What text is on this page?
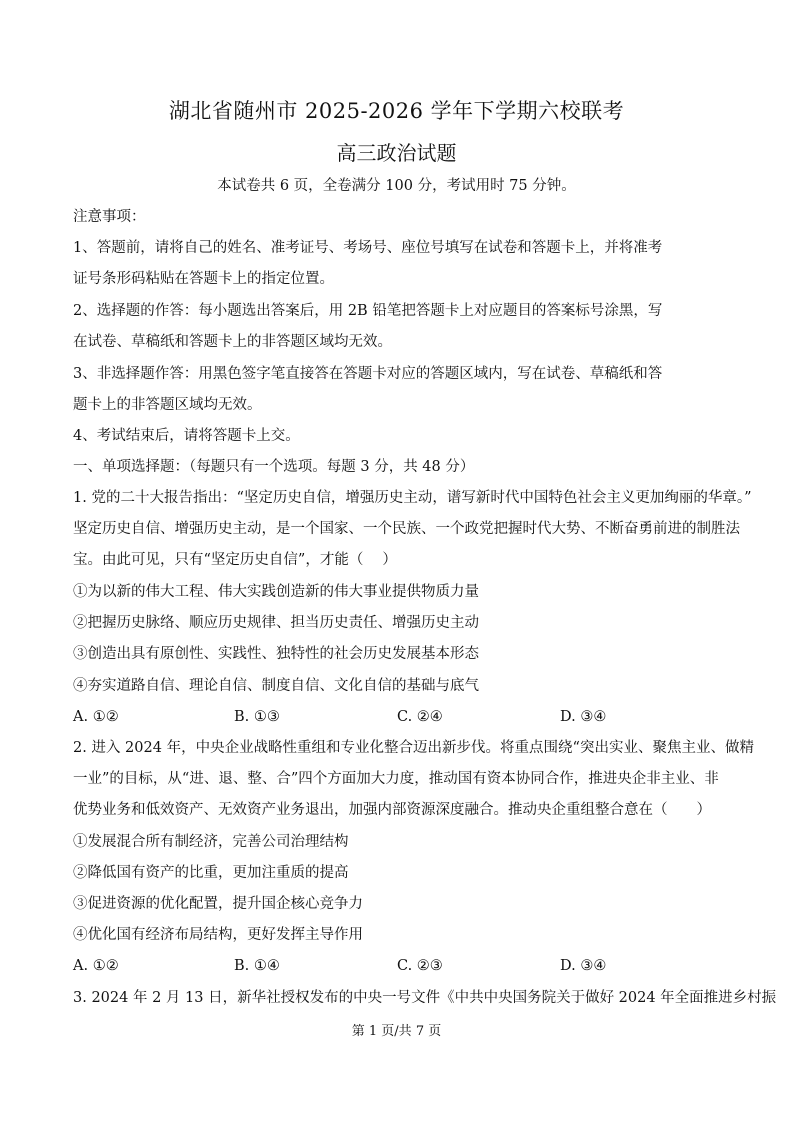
湖北省随州市 2025-2026 学年下学期六校联考
高三政治试题
本试卷共 6 页，全卷满分 100 分，考试用时 75 分钟。
注意事项：
1、答题前，请将自己的姓名、准考证号、考场号、座位号填写在试卷和答题卡上，并将准考
证号条形码粘贴在答题卡上的指定位置。
2、选择题的作答：每小题选出答案后，用 2B 铅笔把答题卡上对应题目的答案标号涂黑，写
在试卷、草稿纸和答题卡上的非答题区域均无效。
3、非选择题作答：用黑色签字笔直接答在答题卡对应的答题区域内，写在试卷、草稿纸和答
题卡上的非答题区域均无效。
4、考试结束后，请将答题卡上交。
一、单项选择题：（每题只有一个选项。每题 3 分，共 48 分）
1. 党的二十大报告指出：“坚定历史自信，增强历史主动，谱写新时代中国特色社会主义更加绚丽的华章。”
坚定历史自信、增强历史主动，是一个国家、一个民族、一个政党把握时代大势、不断奋勇前进的制胜法
宝。由此可见，只有“坚定历史自信”，才能（　 ）
①为以新的伟大工程、伟大实践创造新的伟大事业提供物质力量
②把握历史脉络、顺应历史规律、担当历史责任、增强历史主动
③创造出具有原创性、实践性、独特性的社会历史发展基本形态
④夯实道路自信、理论自信、制度自信、文化自信的基础与底气
A. ①②	B. ①③	C. ②④	D. ③④
2. 进入 2024 年，中央企业战略性重组和专业化整合迈出新步伐。将重点围绕“突出实业、聚焦主业、做精
一业”的目标，从“进、退、整、合”四个方面加大力度，推动国有资本协同合作，推进央企非主业、非
优势业务和低效资产、无效资产业务退出，加强内部资源深度融合。推动央企重组整合意在（　　）
①发展混合所有制经济，完善公司治理结构
②降低国有资产的比重，更加注重质的提高
③促进资源的优化配置，提升国企核心竞争力
④优化国有经济布局结构，更好发挥主导作用
A. ①②	B. ①④	C. ②③	D. ③④
3. 2024 年 2 月 13 日，新华社授权发布的中央一号文件《中共中央国务院关于做好 2024 年全面推进乡村振
第 1 页/共 7 页
